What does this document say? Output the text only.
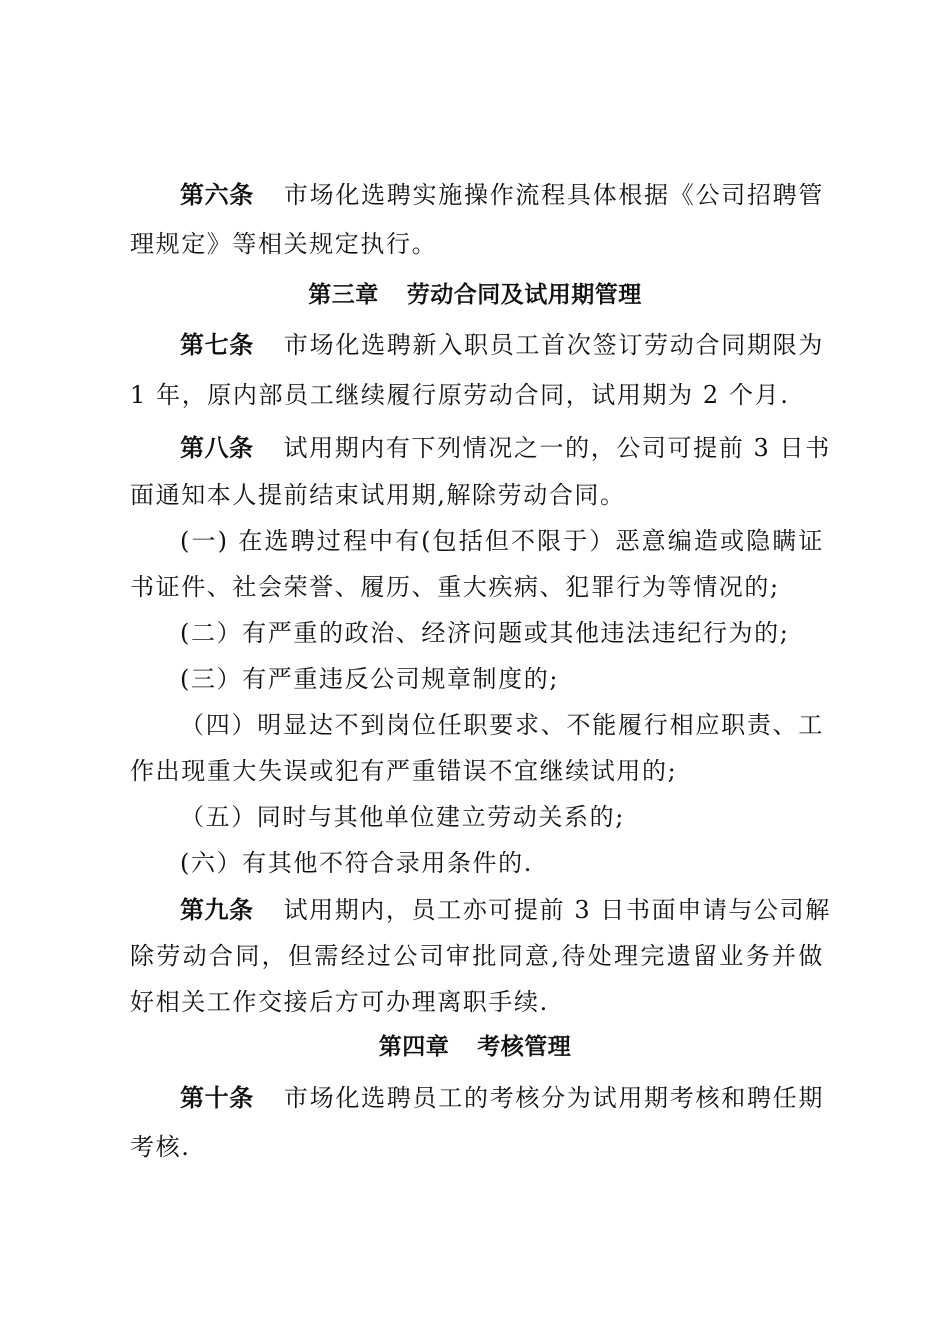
第六条 市场化选聘实施操作流程具体根据《公司招聘管
理规定》等相关规定执行。
第三章 劳动合同及试用期管理
第七条 市场化选聘新入职员工首次签订劳动合同期限为
1 年，原内部员工继续履行原劳动合同，试用期为 2 个月.
第八条 试用期内有下列情况之一的，公司可提前 3 日书
面通知本人提前结束试用期,解除劳动合同。
(一) 在选聘过程中有(包括但不限于）恶意编造或隐瞒证
书证件、社会荣誉、履历、重大疾病、犯罪行为等情况的;
(二）有严重的政治、经济问题或其他违法违纪行为的;
(三）有严重违反公司规章制度的;
（四）明显达不到岗位任职要求、不能履行相应职责、工
作出现重大失误或犯有严重错误不宜继续试用的;
（五）同时与其他单位建立劳动关系的;
(六）有其他不符合录用条件的.
第九条 试用期内，员工亦可提前 3 日书面申请与公司解
除劳动合同，但需经过公司审批同意,待处理完遗留业务并做
好相关工作交接后方可办理离职手续.
第四章 考核管理
第十条 市场化选聘员工的考核分为试用期考核和聘任期
考核.
